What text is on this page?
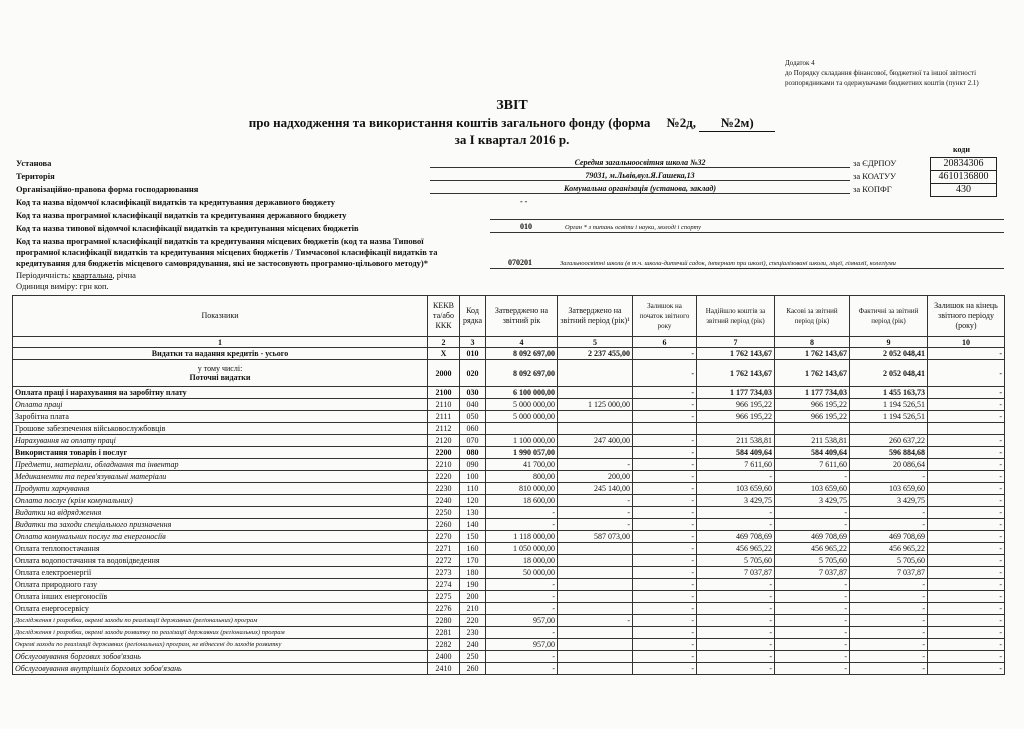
Додаток 4
до Порядку складання фінансової, бюджетної та іншої звітності
розпорядниками та одержувачами бюджетних коштів (пункт 2.1)
ЗВІТ
про надходження та використання коштів загального фонду (форма №2д, №2м)
за I квартал 2016 р.
коди
20834306
4610136800
430
Установа	Середня загальноосвітня школа №32	за ЄДРПОУ
Територія	79031, м.Львів,вул.Я.Гашека,13	за КОАТУУ
Організаційно-правова форма господарювання	Комунальна організація (установа, заклад)	за КОПФГ
Код та назва відомчої класифікації видатків та кредитування державного бюджету	- -
Код та назва програмної класифікації видатків та кредитування державного бюджету
Код та назва типової відомчої класифікації видатків та кредитування місцевих бюджетів	010	Орган * з питань освіти і науки, молоді і спорту
Код та назва програмної класифікації видатків та кредитування місцевих бюджетів (код та назва Типової
програмної класифікації видатків та кредитування місцевих бюджетів / Тимчасової класифікації видатків та
кредитування для бюджетів місцевого самоврядування, які не застосовують програмно-цільового методу)*	070201	Загальноосвітні школи (в т.ч. школа-дитячий садок, інтернат при школі), спеціалізовані школи, ліцеї, гімназії, колегіуми
Періодичність: квартальна, річна
Одиниця виміру: грн коп.
Показники	КЕКВ та/або ККК	Код рядка	Затверджено на звітний рік	Затверджено на звітний період (рік)¹	Залишок на початок звітного року	Надійшло коштів за звітний період (рік)	Касові за звітний період (рік)	Фактичні за звітний період (рік)	Залишок на кінець звітного періоду (року)
1	2	3	4	5	6	7	8	9	10
Видатки та надання кредитів - усього	X	010	8 092 697,00	2 237 455,00	-	1 762 143,67	1 762 143,67	2 052 048,41	-

у тому числі:
Поточні видатки	2000	020	8 092 697,00		-	1 762 143,67	1 762 143,67	2 052 048,41	-
Оплата праці і нарахування на заробітну плату	2100	030	6 100 000,00		-	1 177 734,03	1 177 734,03	1 455 163,73	-
Оплата праці	2110	040	5 000 000,00	1 125 000,00	-	966 195,22	966 195,22	1 194 526,51	-
Заробітна плата	2111	050	5 000 000,00		-	966 195,22	966 195,22	1 194 526,51	-
Грошове забезпечення військовослужбовців	2112	060							
Нарахування на оплату праці	2120	070	1 100 000,00	247 400,00	-	211 538,81	211 538,81	260 637,22	-
Використання товарів і послуг	2200	080	1 990 057,00		-	584 409,64	584 409,64	596 884,68	-
Предмети, матеріали, обладнання та інвентар	2210	090	41 700,00	-	-	7 611,60	7 611,60	20 086,64	-
Медикаменти та перев'язувальні матеріали	2220	100	800,00	200,00	-	-	-	-	-
Продукти харчування	2230	110	810 000,00	245 140,00	-	103 659,60	103 659,60	103 659,60	-
Оплата послуг (крім комунальних)	2240	120	18 600,00	-	-	3 429,75	3 429,75	3 429,75	-
Видатки на відрядження	2250	130	-	-	-	-	-	-	-
Видатки та заходи спеціального призначення	2260	140	-	-	-	-	-	-	-
Оплата комунальних послуг та енергоносіїв	2270	150	1 118 000,00	587 073,00	-	469 708,69	469 708,69	469 708,69	-
Оплата теплопостачання	2271	160	1 050 000,00		-	456 965,22	456 965,22	456 965,22	-
Оплата водопостачання та водовідведення	2272	170	18 000,00		-	5 705,60	5 705,60	5 705,60	-
Оплата електроенергії	2273	180	50 000,00		-	7 037,87	7 037,87	7 037,87	-
Оплата природного газу	2274	190	-		-	-	-	-	-
Оплата інших енергоносіїв	2275	200	-		-	-	-	-	-
Оплата енергосервісу	2276	210	-		-	-	-	-	-
Дослідження і розробки, окремі заходи по реалізації державних (регіональних) програм	2280	220	957,00	-	-	-	-	-	-
Дослідження і розробки, окремі заходи розвитку по реалізації державних (регіональних) програм	2281	230	-		-	-	-	-	-
Окремі заходи по реалізації державних (регіональних) програм, не віднесені до заходів розвитку	2282	240	957,00		-	-	-	-	-
Обслуговування боргових зобов'язань	2400	250	-		-	-	-	-	-
Обслуговування внутрішніх боргових зобов'язань	2410	260	-		-	-	-	-	-
